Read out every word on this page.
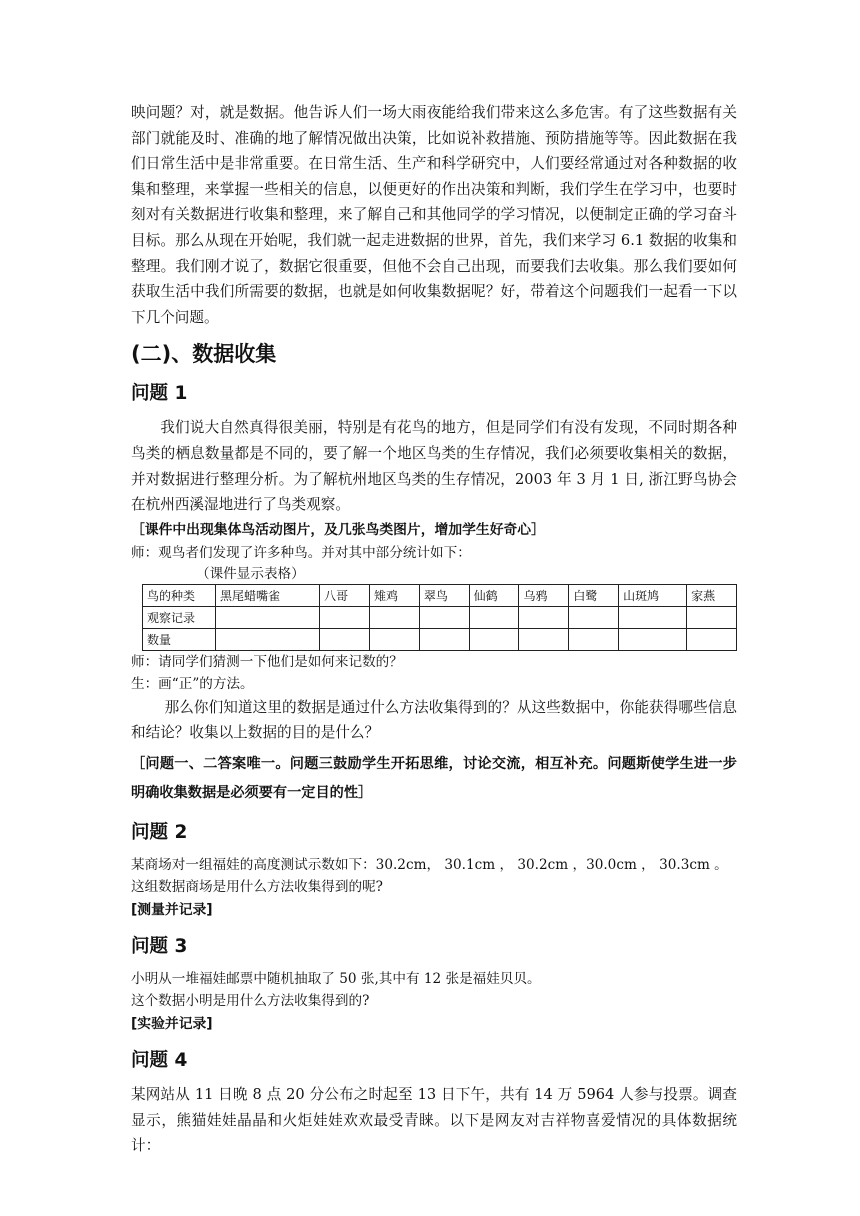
映问题？对，就是数据。他告诉人们一场大雨夜能给我们带来这么多危害。有了这些数据有关部门就能及时、准确的地了解情况做出决策，比如说补救措施、预防措施等等。因此数据在我们日常生活中是非常重要。在日常生活、生产和科学研究中，人们要经常通过对各种数据的收集和整理，来掌握一些相关的信息，以便更好的作出决策和判断，我们学生在学习中，也要时刻对有关数据进行收集和整理，来了解自己和其他同学的学习情况，以便制定正确的学习奋斗目标。那么从现在开始呢，我们就一起走进数据的世界，首先，我们来学习 6.1 数据的收集和整理。我们刚才说了，数据它很重要，但他不会自己出现，而要我们去收集。那么我们要如何获取生活中我们所需要的数据，也就是如何收集数据呢？好，带着这个问题我们一起看一下以下几个问题。

(二)、数据收集
问题 1

我们说大自然真得很美丽，特别是有花鸟的地方，但是同学们有没有发现，不同时期各种鸟类的栖息数量都是不同的，要了解一个地区鸟类的生存情况，我们必须要收集相关的数据，并对数据进行整理分析。为了解杭州地区鸟类的生存情况，2003 年 3 月 1 日, 浙江野鸟协会在杭州西溪湿地进行了鸟类观察。

［课件中出现集体鸟活动图片，及几张鸟类图片，增加学生好奇心］

师：观鸟者们发现了许多种鸟。并对其中部分统计如下：

（课件显示表格）

鸟的种类	黑尾蜡嘴雀	八哥	雉鸡	翠鸟	仙鹤	乌鸦	白鹭	山斑鸠	家燕
观察记录									
数量									

师：请同学们猜测一下他们是如何来记数的？

生：画“正”的方法。

那么你们知道这里的数据是通过什么方法收集得到的？从这些数据中，你能获得哪些信息和结论？收集以上数据的目的是什么？

［问题一、二答案唯一。问题三鼓励学生开拓思维，讨论交流，相互补充。问题斯使学生进一步明确收集数据是必须要有一定目的性］

问题 2

某商场对一组福娃的高度测试示数如下：30.2cm， 30.1cm ， 30.2cm ，30.0cm ， 30.3cm 。

这组数据商场是用什么方法收集得到的呢?

[测量并记录]

问题 3

小明从一堆福娃邮票中随机抽取了 50 张,其中有 12 张是福娃贝贝。

这个数据小明是用什么方法收集得到的?

[实验并记录]

问题 4

某网站从 11 日晚 8 点 20 分公布之时起至 13 日下午，共有 14 万 5964 人参与投票。调查显示，熊猫娃娃晶晶和火炬娃娃欢欢最受青睐。以下是网友对吉祥物喜爱情况的具体数据统计：
